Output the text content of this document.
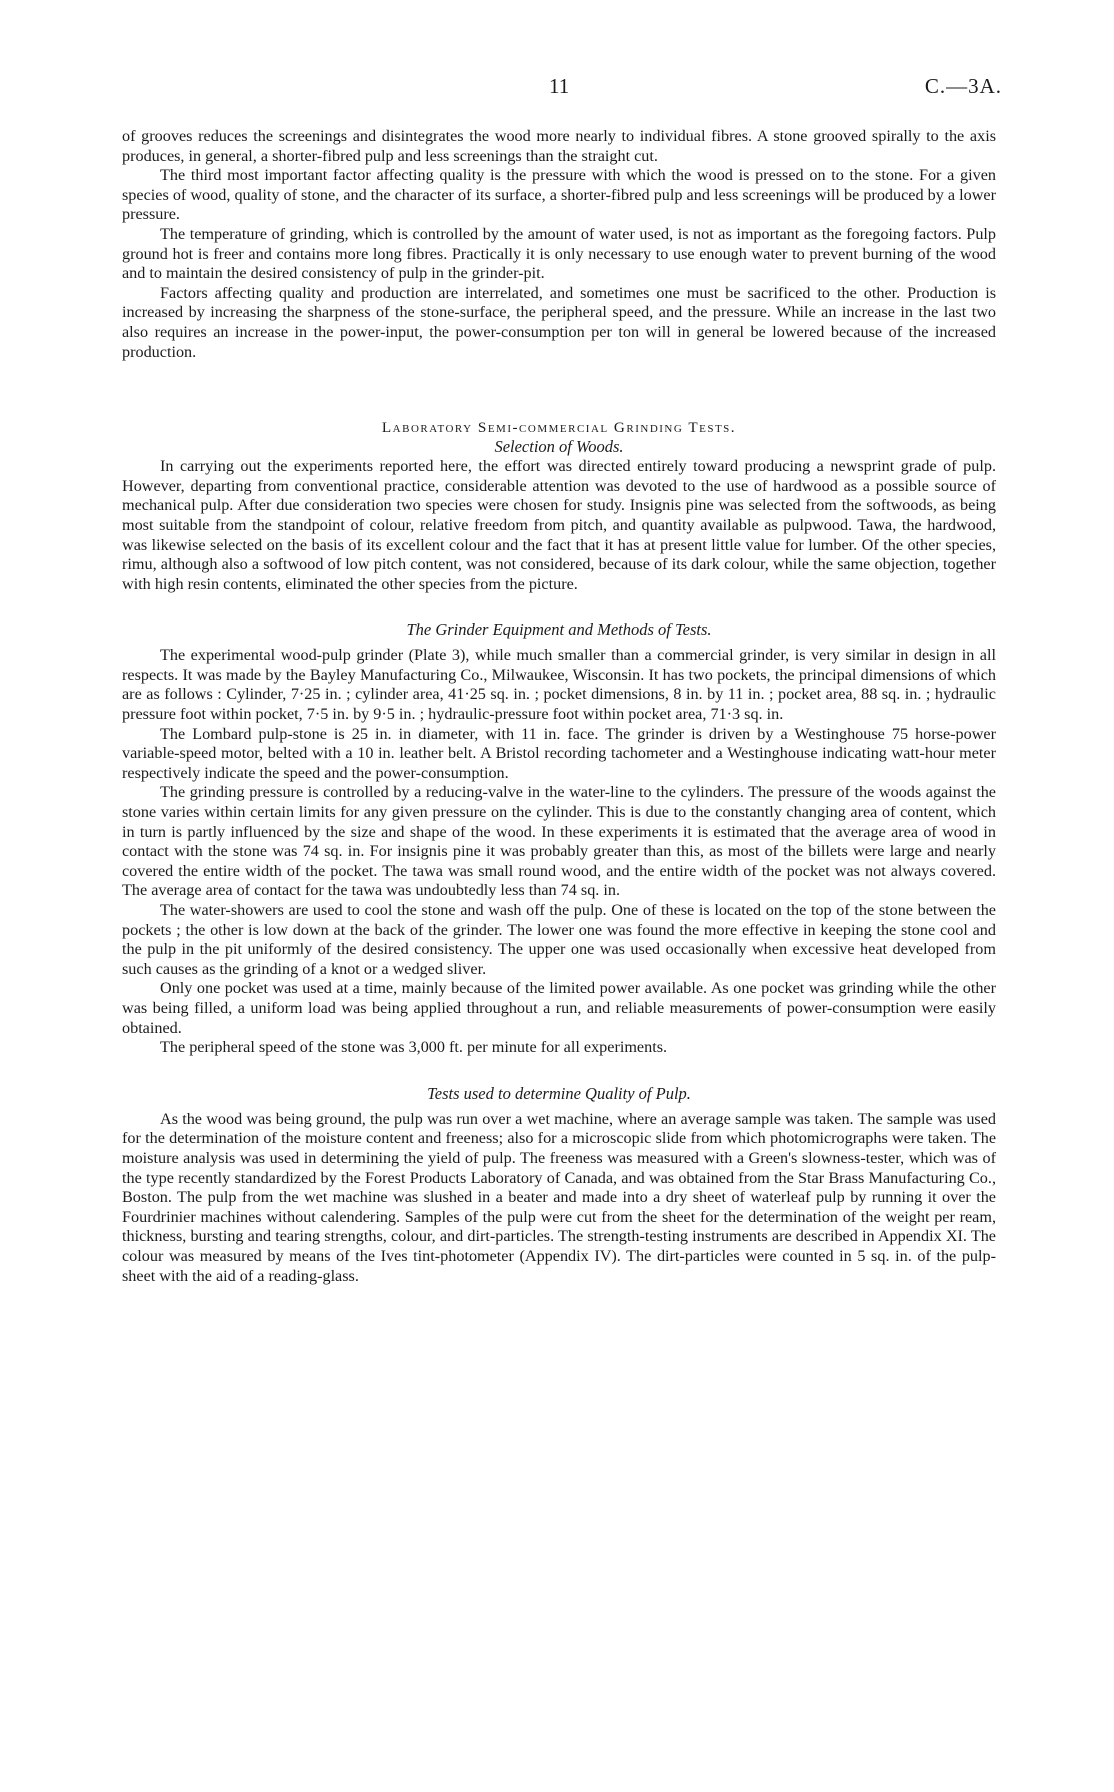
11	C.—3A.

of grooves reduces the screenings and disintegrates the wood more nearly to individual fibres. A stone grooved spirally to the axis produces, in general, a shorter-fibred pulp and less screenings than the straight cut.

The third most important factor affecting quality is the pressure with which the wood is pressed on to the stone. For a given species of wood, quality of stone, and the character of its surface, a shorter-fibred pulp and less screenings will be produced by a lower pressure.

The temperature of grinding, which is controlled by the amount of water used, is not as important as the foregoing factors. Pulp ground hot is freer and contains more long fibres. Practically it is only necessary to use enough water to prevent burning of the wood and to maintain the desired consistency of pulp in the grinder-pit.

Factors affecting quality and production are interrelated, and sometimes one must be sacrificed to the other. Production is increased by increasing the sharpness of the stone-surface, the peripheral speed, and the pressure. While an increase in the last two also requires an increase in the power-input, the power-consumption per ton will in general be lowered because of the increased production.

Laboratory Semi-commercial Grinding Tests.
Selection of Woods.

In carrying out the experiments reported here, the effort was directed entirely toward producing a newsprint grade of pulp. However, departing from conventional practice, considerable attention was devoted to the use of hardwood as a possible source of mechanical pulp. After due consideration two species were chosen for study. Insignis pine was selected from the softwoods, as being most suitable from the standpoint of colour, relative freedom from pitch, and quantity available as pulpwood. Tawa, the hardwood, was likewise selected on the basis of its excellent colour and the fact that it has at present little value for lumber. Of the other species, rimu, although also a softwood of low pitch content, was not considered, because of its dark colour, while the same objection, together with high resin contents, eliminated the other species from the picture.

The Grinder Equipment and Methods of Tests.

The experimental wood-pulp grinder (Plate 3), while much smaller than a commercial grinder, is very similar in design in all respects. It was made by the Bayley Manufacturing Co., Milwaukee, Wisconsin. It has two pockets, the principal dimensions of which are as follows : Cylinder, 7·25 in. ; cylinder area, 41·25 sq. in. ; pocket dimensions, 8 in. by 11 in. ; pocket area, 88 sq. in. ; hydraulic pressure foot within pocket, 7·5 in. by 9·5 in. ; hydraulic-pressure foot within pocket area, 71·3 sq. in.

The Lombard pulp-stone is 25 in. in diameter, with 11 in. face. The grinder is driven by a Westinghouse 75 horse-power variable-speed motor, belted with a 10 in. leather belt. A Bristol recording tachometer and a Westinghouse indicating watt-hour meter respectively indicate the speed and the power-consumption.

The grinding pressure is controlled by a reducing-valve in the water-line to the cylinders. The pressure of the woods against the stone varies within certain limits for any given pressure on the cylinder. This is due to the constantly changing area of content, which in turn is partly influenced by the size and shape of the wood. In these experiments it is estimated that the average area of wood in contact with the stone was 74 sq. in. For insignis pine it was probably greater than this, as most of the billets were large and nearly covered the entire width of the pocket. The tawa was small round wood, and the entire width of the pocket was not always covered. The average area of contact for the tawa was undoubtedly less than 74 sq. in.

The water-showers are used to cool the stone and wash off the pulp. One of these is located on the top of the stone between the pockets ; the other is low down at the back of the grinder. The lower one was found the more effective in keeping the stone cool and the pulp in the pit uniformly of the desired consistency. The upper one was used occasionally when excessive heat developed from such causes as the grinding of a knot or a wedged sliver.

Only one pocket was used at a time, mainly because of the limited power available. As one pocket was grinding while the other was being filled, a uniform load was being applied throughout a run, and reliable measurements of power-consumption were easily obtained.

The peripheral speed of the stone was 3,000 ft. per minute for all experiments.

Tests used to determine Quality of Pulp.

As the wood was being ground, the pulp was run over a wet machine, where an average sample was taken. The sample was used for the determination of the moisture content and freeness; also for a microscopic slide from which photomicrographs were taken. The moisture analysis was used in determining the yield of pulp. The freeness was measured with a Green's slowness-tester, which was of the type recently standardized by the Forest Products Laboratory of Canada, and was obtained from the Star Brass Manufacturing Co., Boston. The pulp from the wet machine was slushed in a beater and made into a dry sheet of waterleaf pulp by running it over the Fourdrinier machines without calendering. Samples of the pulp were cut from the sheet for the determination of the weight per ream, thickness, bursting and tearing strengths, colour, and dirt-particles. The strength-testing instruments are described in Appendix XI. The colour was measured by means of the Ives tint-photometer (Appendix IV). The dirt-particles were counted in 5 sq. in. of the pulp-sheet with the aid of a reading-glass.
